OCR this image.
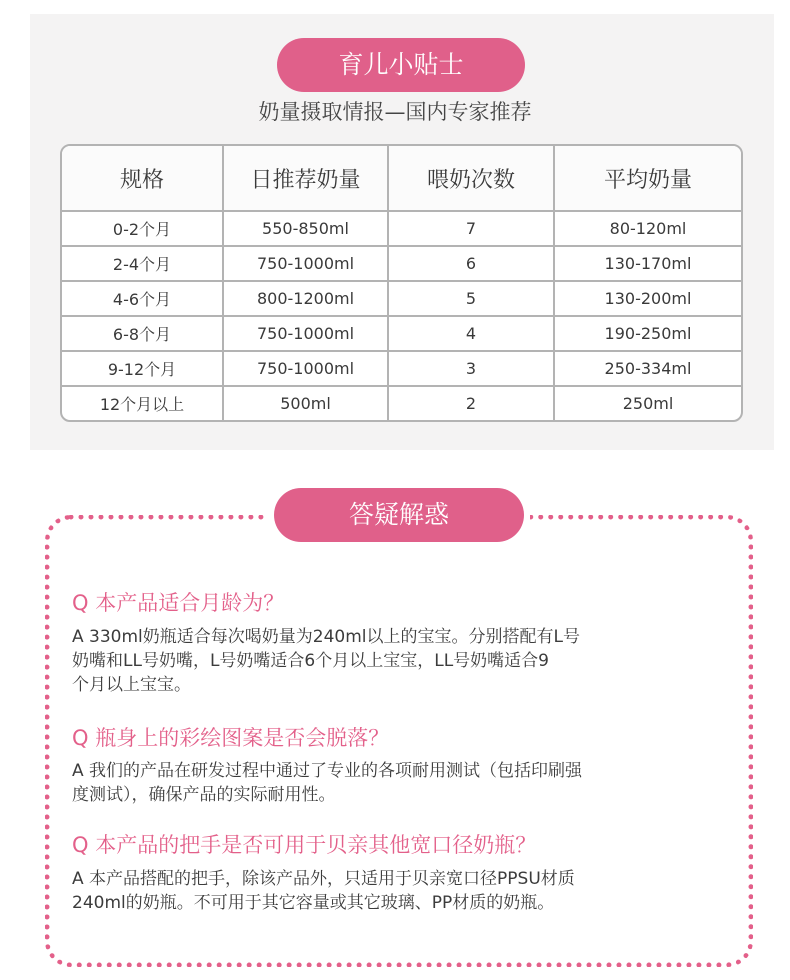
育儿小贴士
奶量摄取情报—国内专家推荐
规格	日推荐奶量	喂奶次数	平均奶量
0-2个月	550-850ml	7	80-120ml
2-4个月	750-1000ml	6	130-170ml
4-6个月	800-1200ml	5	130-200ml
6-8个月	750-1000ml	4	190-250ml
9-12个月	750-1000ml	3	250-334ml
12个月以上	500ml	2	250ml
答疑解惑
Q 本产品适合月龄为？
A 330ml奶瓶适合每次喝奶量为240ml以上的宝宝。分别搭配有L号
奶嘴和LL号奶嘴，L号奶嘴适合6个月以上宝宝，LL号奶嘴适合9
个月以上宝宝。
Q 瓶身上的彩绘图案是否会脱落？
A 我们的产品在研发过程中通过了专业的各项耐用测试（包括印刷强
度测试），确保产品的实际耐用性。
Q 本产品的把手是否可用于贝亲其他宽口径奶瓶？
A 本产品搭配的把手，除该产品外，只适用于贝亲宽口径PPSU材质
240ml的奶瓶。不可用于其它容量或其它玻璃、PP材质的奶瓶。
